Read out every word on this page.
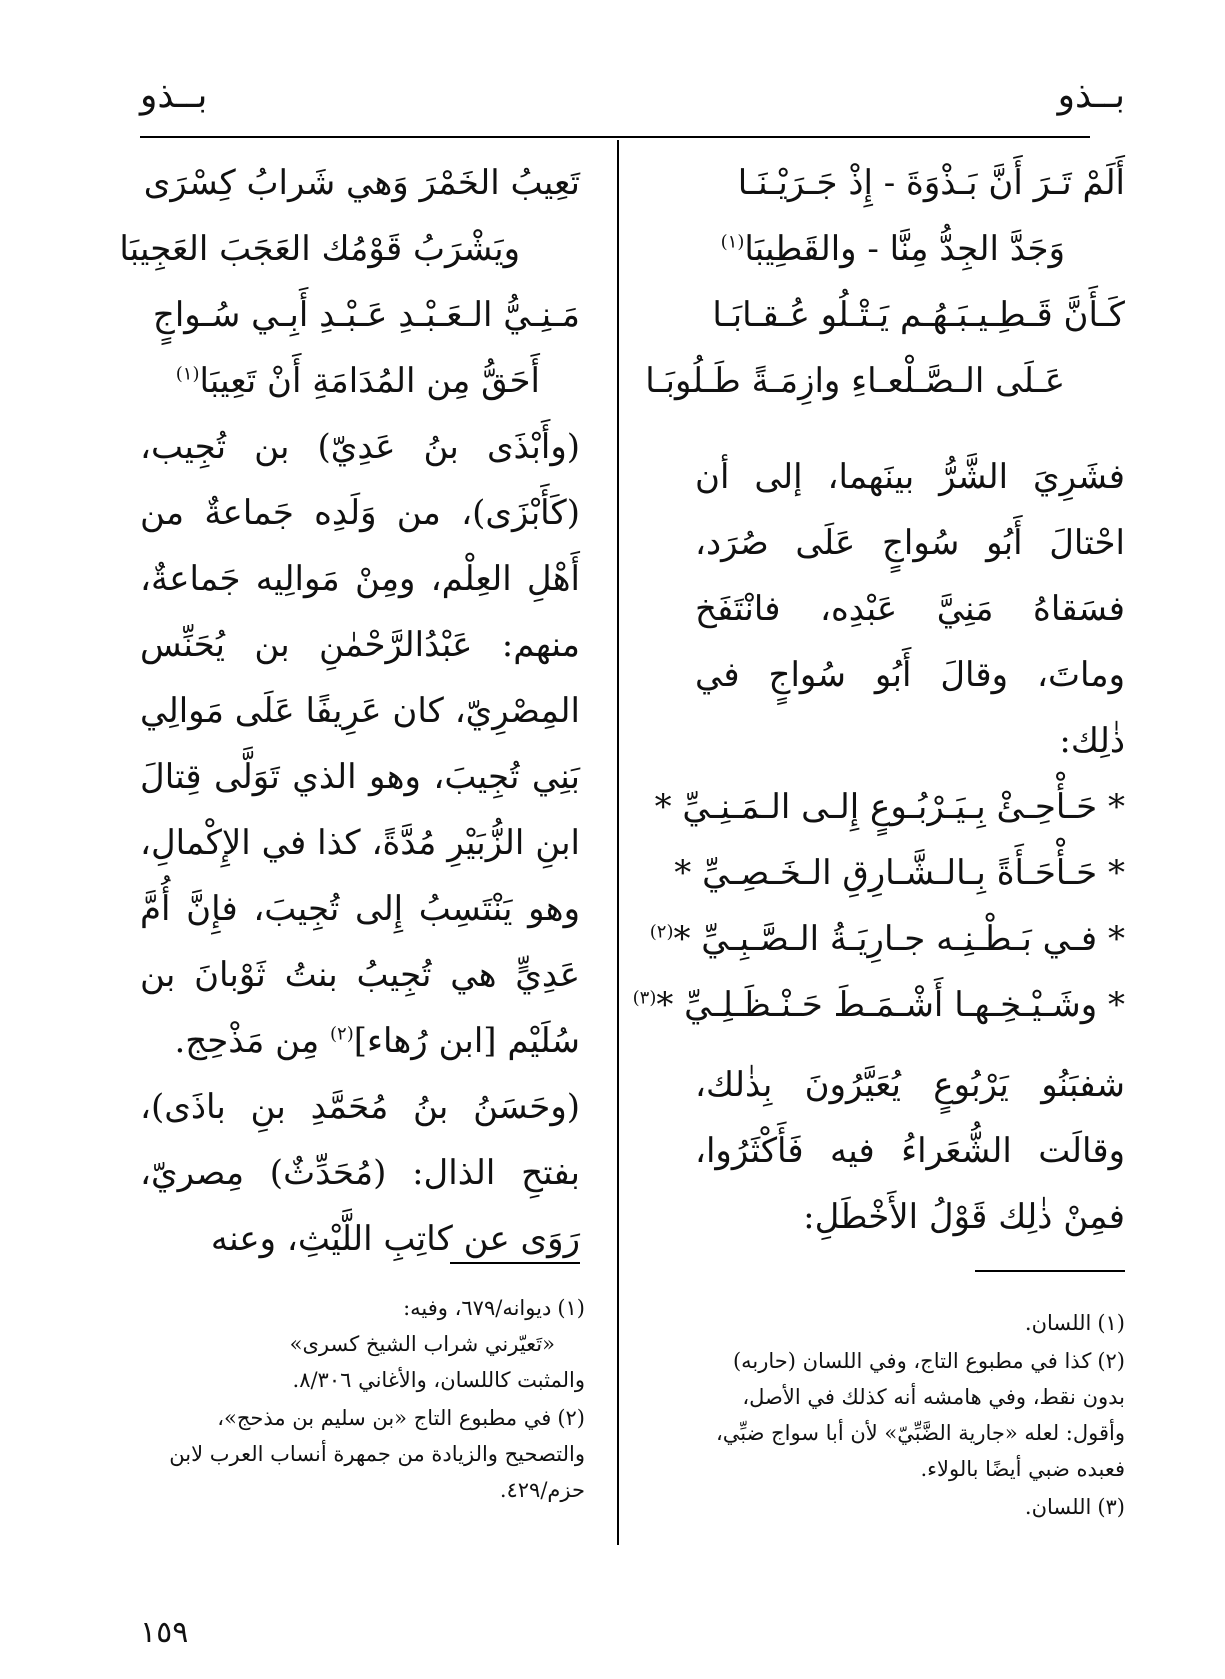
بــذو
بــذو

أَلَمْ تَـرَ أَنَّ بَـذْوَةَ - إِذْ جَـرَيْـنَـا

وَجَدَّ الجِدُّ مِنَّا - والقَطِيبَا$^{(١)}$

كَـأَنَّ قَـطِـيـبَـهُـم يَـتْـلُو عُـقـابَـا

عَـلَى الـصَّـلْعـاءِ وازِمَـةً طَـلُوبَـا

فشَرِيَ الشَّرُّ بينَهما، إلى أن احْتالَ أَبُو سُواجٍ عَلَى صُرَد، فسَقاهُ مَنِيَّ عَبْدِه، فانْتَفَخ وماتَ، وقالَ أَبُو سُواجٍ في ذٰلِك:

* حَـأْحِـئْ بِـيَـرْبُـوعٍ إِلـى الـمَـنِـيِّ *

* حَـأْحَـأَةً بِـالـشَّـارِقِ الـخَـصِـيِّ *

* فـي بَـطْـنِـه جـارِيَـةُ الـصَّـبِـيِّ *$^{(٢)}$

* وشَـيْـخِـهـا أَشْـمَـطَ حَـنْـظَـلِـيِّ *$^{(٣)}$

شفبَنُو يَرْبُوعٍ يُعَيَّرُونَ بِذٰلك، وقالَت الشُّعَراءُ فيه فَأَكْثَرُوا، فمِنْ ذٰلِك قَوْلُ الأَخْطَلِ:

تَعِيبُ الخَمْرَ وَهي شَرابُ كِسْرَى

ويَشْرَبُ قَوْمُك العَجَبَ العَجِيبَا

مَـنِـيُّ الـعَـبْـدِ عَـبْـدِ أَبِـي سُـواجٍ

أَحَقُّ مِن المُدَامَةِ أَنْ تَعِيبَا$^{(١)}$

(وأَبْذَى بنُ عَدِيّ) بن تُجِيب، (كَأَبْزَى)، من وَلَدِه جَماعةٌ من أَهْلِ العِلْم، ومِنْ مَوالِيه جَماعةٌ، منهم: عَبْدُالرَّحْمٰنِ بن يُحَنِّس المِصْرِيّ، كان عَرِيفًا عَلَى مَوالِي بَنِي تُجِيبَ، وهو الذي تَوَلَّى قِتالَ ابنِ الزُّبَيْرِ مُدَّةً، كذا في الإِكْمالِ، وهو يَنْتَسِبُ إِلى تُجِيبَ، فإِنَّ أُمَّ عَدِيٍّ هي تُجِيبُ بنتُ ثَوْبانَ بن سُلَيْم [ابن رُهاء]$^{(٢)}$ مِن مَذْحِج.

(وحَسَنُ بنُ مُحَمَّدِ بنِ باذَى)، بفتحِ الذال: (مُحَدِّثٌ) مِصريّ، رَوَى عن كاتِبِ اللَّيْثِ، وعنه

(١)اللسان.

(٢)كذا في مطبوع التاج، وفي اللسان (حاربه) بدون نقط، وفي هامشه أنه كذلك في الأصل، وأقول: لعله «جارية الضَّبِّيّ» لأن أبا سواج ضبِّي، فعبده ضبي أيضًا بالولاء.

(٣)اللسان.

(١)ديوانه/٦٧٩، وفيه:
«تَعيّرني شراب الشيخ كسرى»
والمثبت كاللسان، والأغاني ٨/٣٠٦.

(٢)في مطبوع التاج «بن سليم بن مذحج»، والتصحيح والزيادة من جمهرة أنساب العرب لابن حزم/٤٢٩.

١٥٩
